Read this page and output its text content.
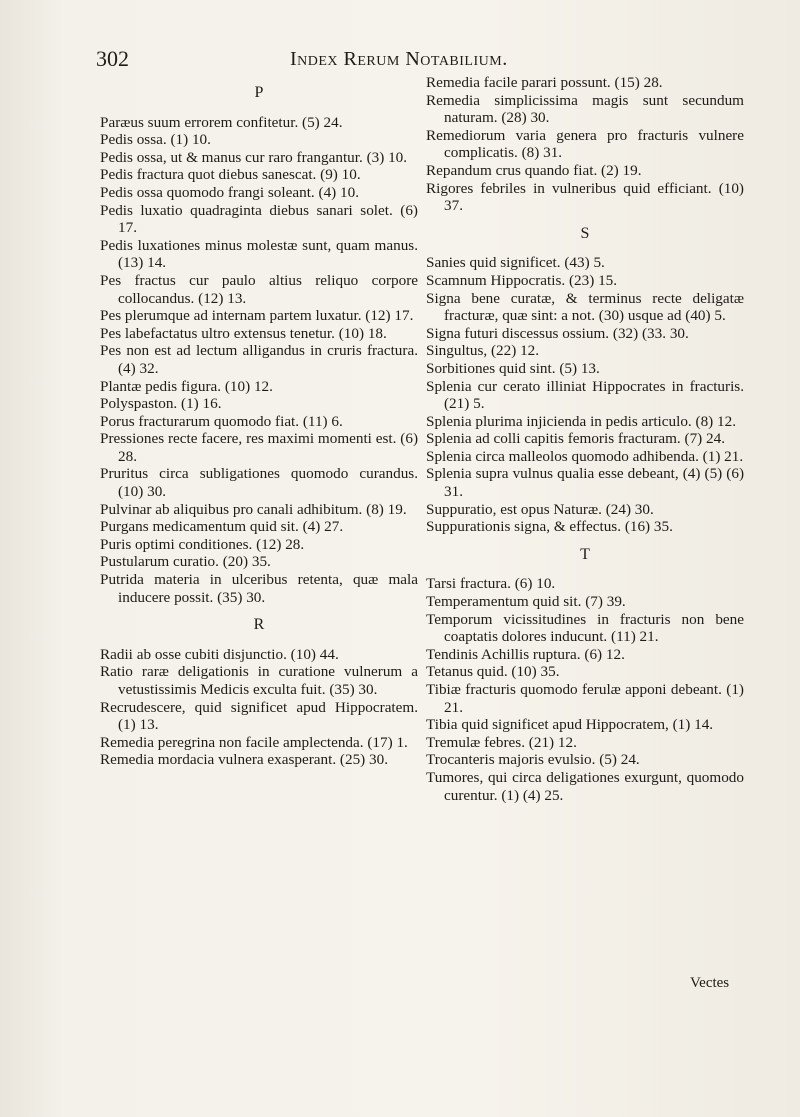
302	Index Rerum Notabilium.
P
Paræus suum errorem confitetur. (5) 24.
Pedis ossa. (1) 10.
Pedis ossa, ut & manus cur raro frangantur. (3) 10.
Pedis fractura quot diebus sanescat. (9) 10.
Pedis ossa quomodo frangi soleant. (4) 10.
Pedis luxatio quadraginta diebus sanari solet. (6) 17.
Pedis luxationes minus molestæ sunt, quam manus. (13) 14.
Pes fractus cur paulo altius reliquo corpore collocandus. (12) 13.
Pes plerumque ad internam partem luxatur. (12) 17.
Pes labefactatus ultro extensus tenetur. (10) 18.
Pes non est ad lectum alligandus in cruris fractura. (4) 32.
Plantæ pedis figura. (10) 12.
Polyspaston. (1) 16.
Porus fracturarum quomodo fiat. (11) 6.
Pressiones recte facere, res maximi momenti est. (6) 28.
Pruritus circa subligationes quomodo curandus. (10) 30.
Pulvinar ab aliquibus pro canali adhibitum. (8) 19.
Purgans medicamentum quid sit. (4) 27.
Puris optimi conditiones. (12) 28.
Pustularum curatio. (20) 35.
Putrida materia in ulceribus retenta, quæ mala inducere possit. (35) 30.
R
Radii ab osse cubiti disjunctio. (10) 44.
Ratio raræ deligationis in curatione vulnerum a vetustissimis Medicis exculta fuit. (35) 30.
Recrudescere, quid significet apud Hippocratem. (1) 13.
Remedia peregrina non facile amplectenda. (17) 1.
Remedia mordacia vulnera exasperant. (25) 30.
Remedia facile parari possunt. (15) 28.
Remedia simplicissima magis sunt secundum naturam. (28) 30.
Remediorum varia genera pro fracturis vulnere complicatis. (8) 31.
Repandum crus quando fiat. (2) 19.
Rigores febriles in vulneribus quid efficiant. (10) 37.
S
Sanies quid significet. (43) 5.
Scamnum Hippocratis. (23) 15.
Signa bene curatæ, & terminus recte deligatæ fracturæ, quæ sint: a not. (30) usque ad (40) 5.
Signa futuri discessus ossium. (32) (33. 30.
Singultus, (22) 12.
Sorbitiones quid sint. (5) 13.
Splenia cur cerato illiniat Hippocrates in fracturis. (21) 5.
Splenia plurima injicienda in pedis articulo. (8) 12.
Splenia ad colli capitis femoris fracturam. (7) 24.
Splenia circa malleolos quomodo adhibenda. (1) 21.
Splenia supra vulnus qualia esse debeant, (4) (5) (6) 31.
Suppuratio, est opus Naturæ. (24) 30.
Suppurationis signa, & effectus. (16) 35.
T
Tarsi fractura. (6) 10.
Temperamentum quid sit. (7) 39.
Temporum vicissitudines in fracturis non bene coaptatis dolores inducunt. (11) 21.
Tendinis Achillis ruptura. (6) 12.
Tetanus quid. (10) 35.
Tibiæ fracturis quomodo ferulæ apponi debeant. (1) 21.
Tibia quid significet apud Hippocratem, (1) 14.
Tremulæ febres. (21) 12.
Trocanteris majoris evulsio. (5) 24.
Tumores, qui circa deligationes exurgunt, quomodo curentur. (1) (4) 25.
Vectes
